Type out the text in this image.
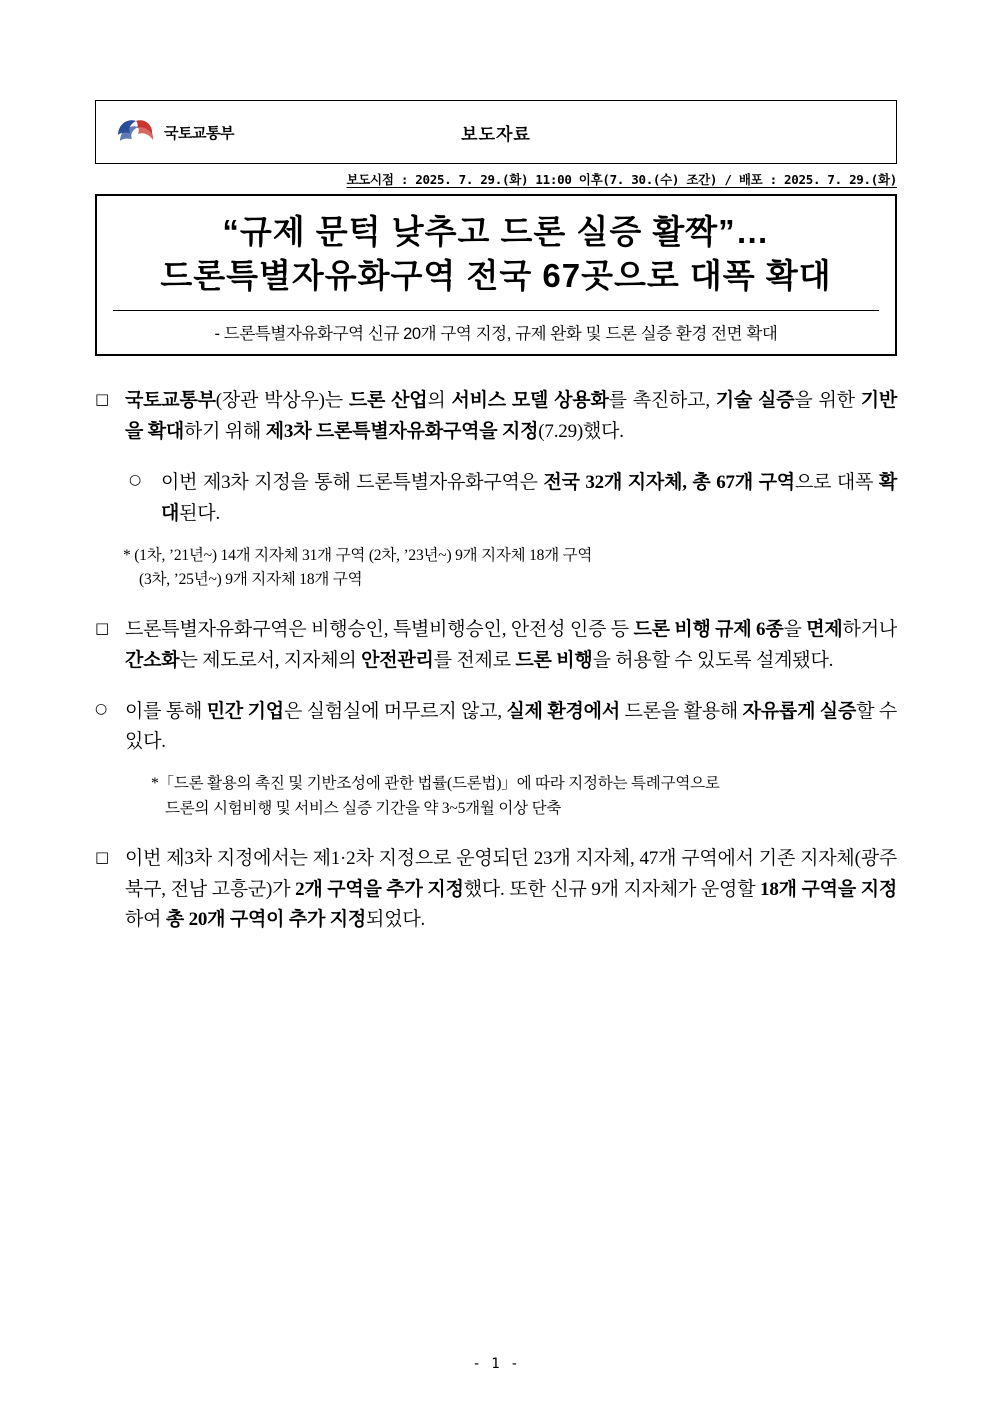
국토교통부	보도자료
보도시점 : 2025. 7. 29.(화) 11:00 이후(7. 30.(수) 조간) / 배포 : 2025. 7. 29.(화)
“규제 문턱 낮추고 드론 실증 활짝”…
드론특별자유화구역 전국 67곳으로 대폭 확대
- 드론특별자유화구역 신규 20개 구역 지정, 규제 완화 및 드론 실증 환경 전면 확대
□ 국토교통부(장관 박상우)는 드론 산업의 서비스 모델 상용화를 촉진하고, 기술 실증을 위한 기반을 확대하기 위해 제3차 드론특별자유화구역을 지정(7.29)했다.
○	이번 제3차 지정을 통해 드론특별자유화구역은 전국 32개 지자체, 총 67개 구역으로 대폭 확대된다.
* (1차, ’21년~) 14개 지자체 31개 구역 (2차, ’23년~) 9개 지자체 18개 구역
(3차, ’25년~) 9개 지자체 18개 구역
□ 드론특별자유화구역은 비행승인, 특별비행승인, 안전성 인증 등 드론 비행 규제 6종을 면제하거나 간소화는 제도로서, 지자체의 안전관리를 전제로 드론 비행을 허용할 수 있도록 설계됐다.
○ 이를 통해 민간 기업은 실험실에 머무르지 않고, 실제 환경에서 드론을 활용해 자유롭게 실증할 수 있다.
*「드론 활용의 촉진 및 기반조성에 관한 법률(드론법)」에 따라 지정하는 특례구역으로
드론의 시험비행 및 서비스 실증 기간을 약 3~5개월 이상 단축
□ 이번 제3차 지정에서는 제1·2차 지정으로 운영되던 23개 지자체, 47개 구역에서 기존 지자체(광주 북구, 전남 고흥군)가 2개 구역을 추가 지정했다. 또한 신규 9개 지자체가 운영할 18개 구역을 지정하여 총 20개 구역이 추가 지정되었다.
- 1 -
